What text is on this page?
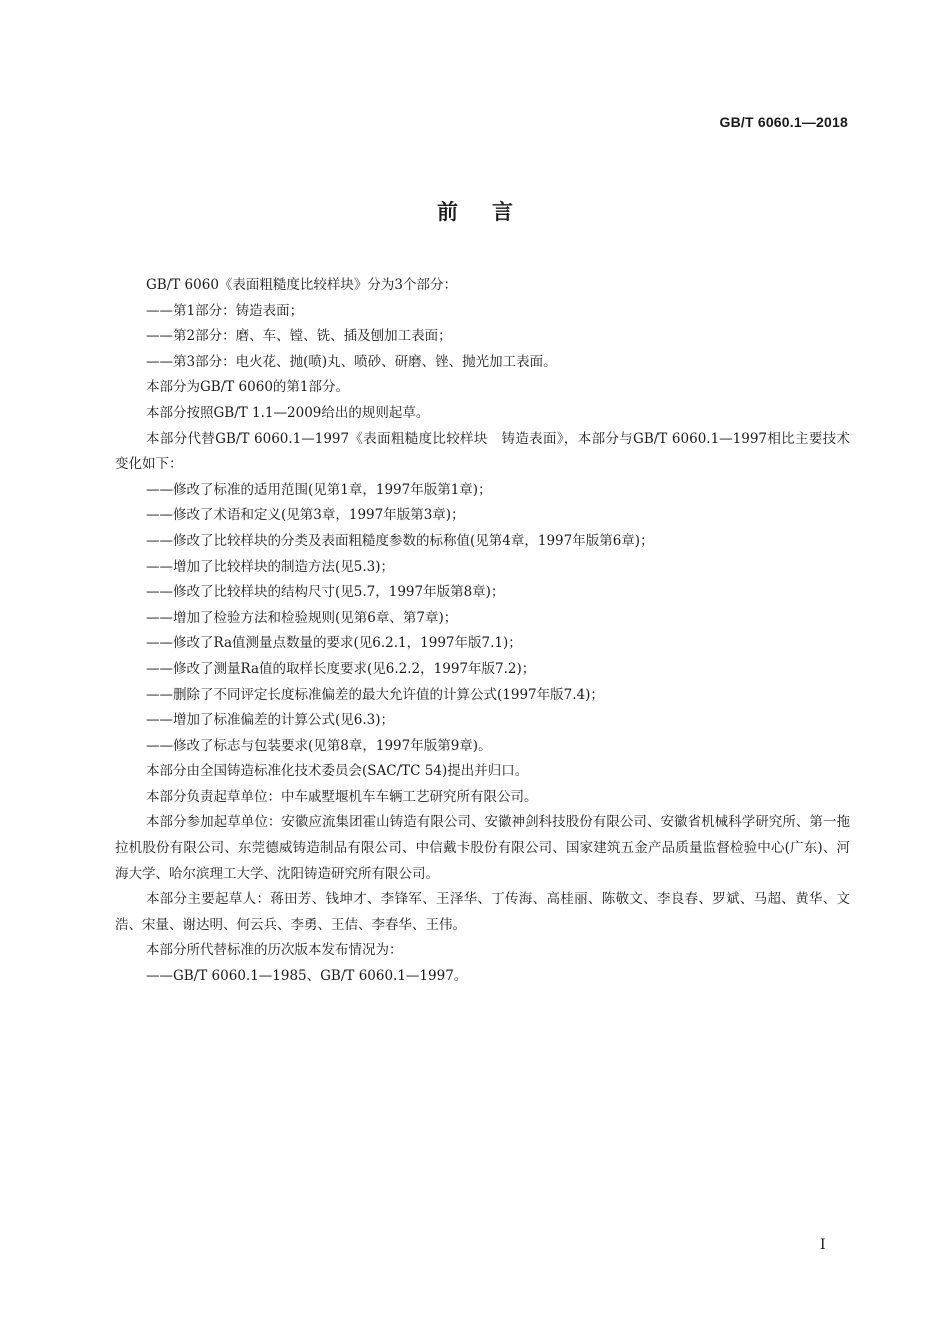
GB/T 6060.1—2018
前言

GB/T 6060《表面粗糙度比较样块》分为3个部分：

——第1部分：铸造表面；

——第2部分：磨、车、镗、铣、插及刨加工表面；

——第3部分：电火花、抛(喷)丸、喷砂、研磨、锉、抛光加工表面。

本部分为GB/T 6060的第1部分。

本部分按照GB/T 1.1—2009给出的规则起草。

本部分代替GB/T 6060.1—1997《表面粗糙度比较样块　铸造表面》，本部分与GB/T 6060.1—1997相比主要技术变化如下：

——修改了标准的适用范围(见第1章，1997年版第1章)；

——修改了术语和定义(见第3章，1997年版第3章)；

——修改了比较样块的分类及表面粗糙度参数的标称值(见第4章，1997年版第6章)；

——增加了比较样块的制造方法(见5.3)；

——修改了比较样块的结构尺寸(见5.7，1997年版第8章)；

——增加了检验方法和检验规则(见第6章、第7章)；

——修改了Ra值测量点数量的要求(见6.2.1，1997年版7.1)；

——修改了测量Ra值的取样长度要求(见6.2.2，1997年版7.2)；

——删除了不同评定长度标准偏差的最大允许值的计算公式(1997年版7.4)；

——增加了标准偏差的计算公式(见6.3)；

——修改了标志与包装要求(见第8章，1997年版第9章)。

本部分由全国铸造标准化技术委员会(SAC/TC 54)提出并归口。

本部分负责起草单位：中车戚墅堰机车车辆工艺研究所有限公司。

本部分参加起草单位：安徽应流集团霍山铸造有限公司、安徽神剑科技股份有限公司、安徽省机械科学研究所、第一拖拉机股份有限公司、东莞德威铸造制品有限公司、中信戴卡股份有限公司、国家建筑五金产品质量监督检验中心(广东)、河海大学、哈尔滨理工大学、沈阳铸造研究所有限公司。

本部分主要起草人：蒋田芳、钱坤才、李锋军、王泽华、丁传海、高桂丽、陈敬文、李良春、罗斌、马超、黄华、文浩、宋量、谢达明、何云兵、李勇、王佶、李春华、王伟。

本部分所代替标准的历次版本发布情况为：

——GB/T 6060.1—1985、GB/T 6060.1—1997。

I
